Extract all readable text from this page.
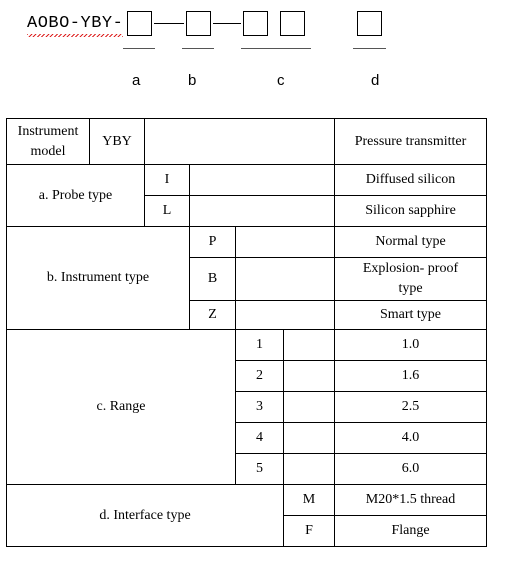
AOBO-YBY-
a	b	c	d
Instrument
model	YBY					Pressure transmitter
a. Probe type		I				Diffused silicon
		L				Silicon sapphire
b. Instrument type			P			Normal type
			B			Explosion- proof
type
			Z			Smart type
c. Range				1		1.0
				2		1.6
				3		2.5
				4		4.0
				5		6.0
d. Interface type					M	M20*1.5 thread
					F	Flange
